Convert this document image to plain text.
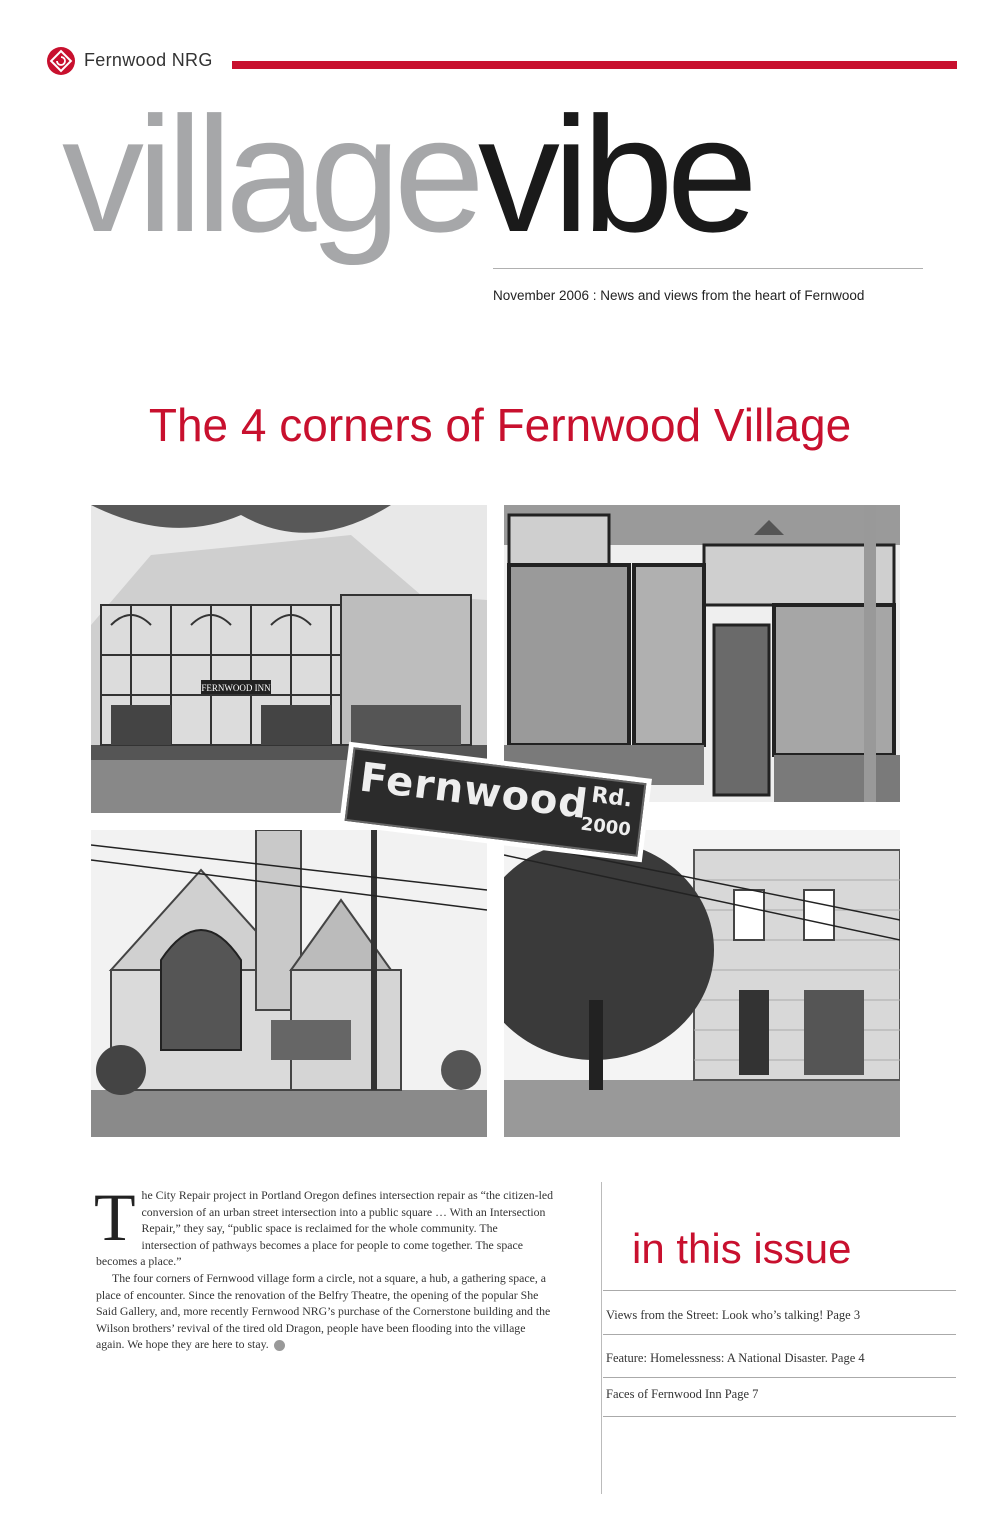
Fernwood NRG
villagevibe
November 2006 : News and views from the heart of Fernwood
The 4 corners of Fernwood Village
FERNWOOD INN
Fernwood Rd.
2000

The City Repair project in Portland Oregon defines intersection repair as “the citizen-led conversion of an urban street intersection into a public square … With an Intersection Repair,” they say, “public space is reclaimed for the whole community. The intersection of pathways becomes a place for people to come together. The space becomes a place.”

The four corners of Fernwood village form a circle, not a square, a hub, a gathering space, a place of encounter. Since the renovation of the Belfry Theatre, the opening of the popular She Said Gallery, and, more recently Fernwood NRG’s purchase of the Cornerstone building and the Wilson brothers’ revival of the tired old Dragon, people have been flooding into the village again. We hope they are here to stay.

in this issue
Views from the Street: Look who’s talking! Page 3
Feature: Homelessness: A National Disaster. Page 4
Faces of Fernwood Inn Page 7
